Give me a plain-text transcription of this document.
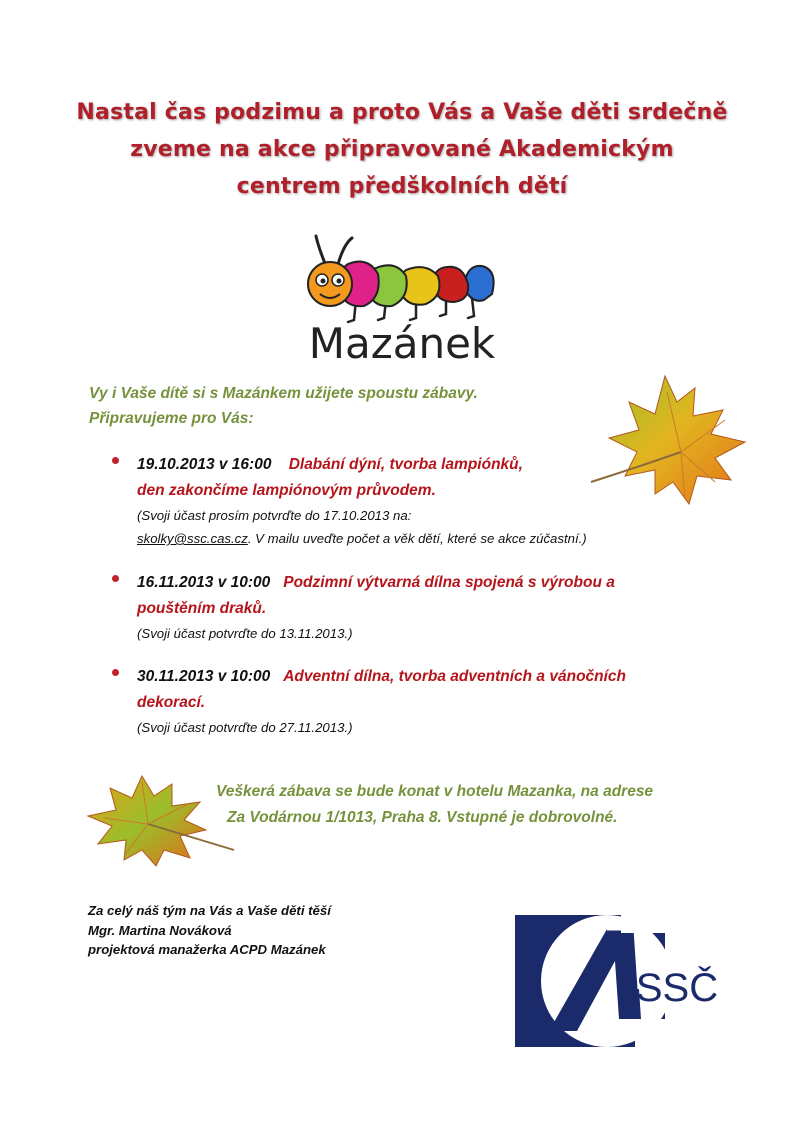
Nastal čas podzimu a proto Vás a Vaše děti srdečně
zveme na akce připravované Akademickým
centrem předškolních dětí
Mazánek
Vy i Vaše dítě si s Mazánkem užijete spoustu zábavy.
Připravujeme pro Vás:
19.10.2013 v 16:00 Dlabání dýní, tvorba lampiónků,
den zakončíme lampiónovým průvodem.
(Svoji účast prosím potvrďte do 17.10.2013 na:
skolky@ssc.cas.cz. V mailu uveďte počet a věk dětí, které se akce zúčastní.)
16.11.2013 v 10:00 Podzimní výtvarná dílna spojená s výrobou a
pouštěním draků.
(Svoji účast potvrďte do 13.11.2013.)
30.11.2013 v 10:00 Adventní dílna, tvorba adventních a vánočních
dekorací.
(Svoji účast potvrďte do 27.11.2013.)
Veškerá zábava se bude konat v hotelu Mazanka, na adrese
Za Vodárnou 1/1013, Praha 8. Vstupné je dobrovolné.
Za celý náš tým na Vás a Vaše děti těší
Mgr. Martina Nováková
projektová manažerka ACPD Mazánek
SSČ
